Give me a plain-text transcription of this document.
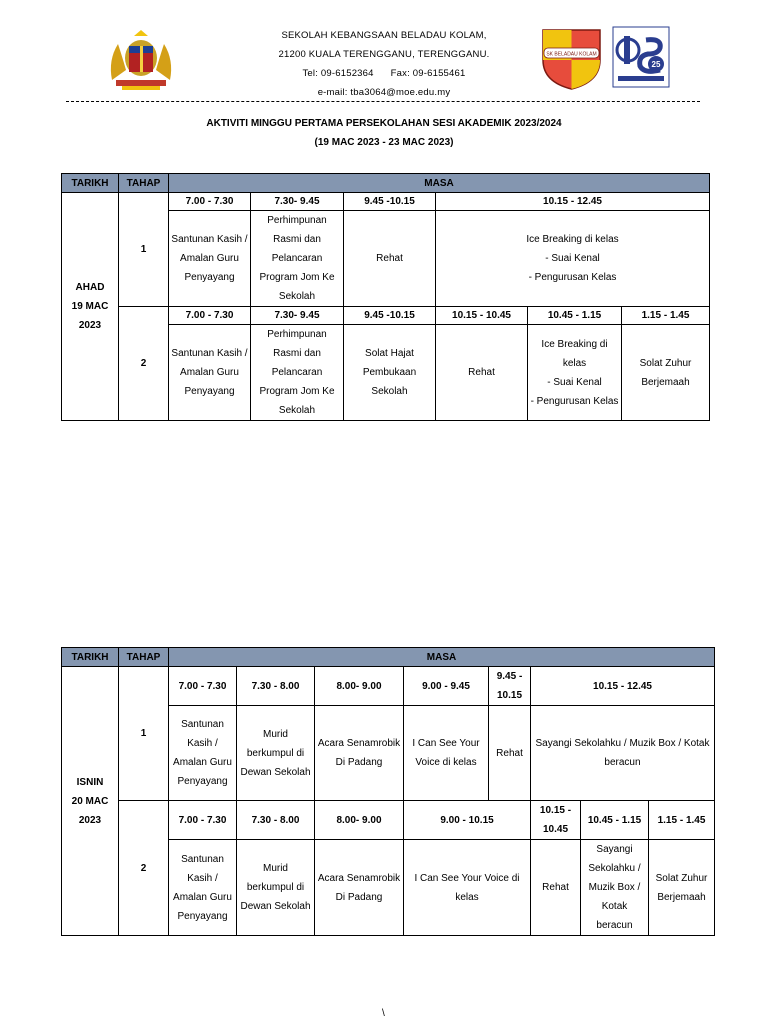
SEKOLAH KEBANGSAAN BELADAU KOLAM,
21200 KUALA TERENGGANU, TERENGGANU.
Tel: 09-6152364      Fax: 09-6155461
e-mail: tba3064@moe.edu.my
SK BELADAU KOLAM
25
AKTIVITI MINGGU PERTAMA PERSEKOLAHAN SESI AKADEMIK 2023/2024
(19 MAC 2023 - 23 MAC 2023)
TARIKH	TAHAP	MASA					

AHAD
19 MAC
2023	1	7.00 - 7.30	7.30- 9.45	9.45 -10.15	10.15 - 12.45		
		Santunan Kasih / Amalan Guru Penyayang	Perhimpunan Rasmi dan Pelancaran Program Jom Ke Sekolah	Rehat	Ice Breaking di kelas
- Suai Kenal
- Pengurusan Kelas		

	2	7.00 - 7.30	7.30- 9.45	9.45 -10.15	10.15 - 10.45	10.45 - 1.15	1.15 - 1.45
		Santunan Kasih / Amalan Guru Penyayang	Perhimpunan Rasmi dan Pelancaran Program Jom Ke Sekolah	Solat Hajat Pembukaan Sekolah	Rehat	Ice Breaking di kelas
- Suai Kenal
- Pengurusan Kelas	Solat Zuhur Berjemaah
TARIKH	TAHAP	MASA							

ISNIN
20 MAC
2023	1	7.00 - 7.30	7.30 - 8.00	8.00- 9.00	9.00 - 9.45	9.45 - 10.15	10.15 - 12.45		
		Santunan Kasih / Amalan Guru Penyayang	Murid berkumpul di Dewan Sekolah	Acara Senamrobik Di Padang	I Can See Your Voice di kelas	Rehat	Sayangi Sekolahku / Muzik Box / Kotak beracun		
	2	7.00 - 7.30	7.30 - 8.00	8.00- 9.00	9.00 - 10.15		10.15 - 10.45	10.45 - 1.15	1.15 - 1.45
		Santunan Kasih / Amalan Guru Penyayang	Murid berkumpul di Dewan Sekolah	Acara Senamrobik Di Padang	I Can See Your Voice di kelas		Rehat	Sayangi Sekolahku / Muzik Box / Kotak beracun	Solat Zuhur Berjemaah
\
